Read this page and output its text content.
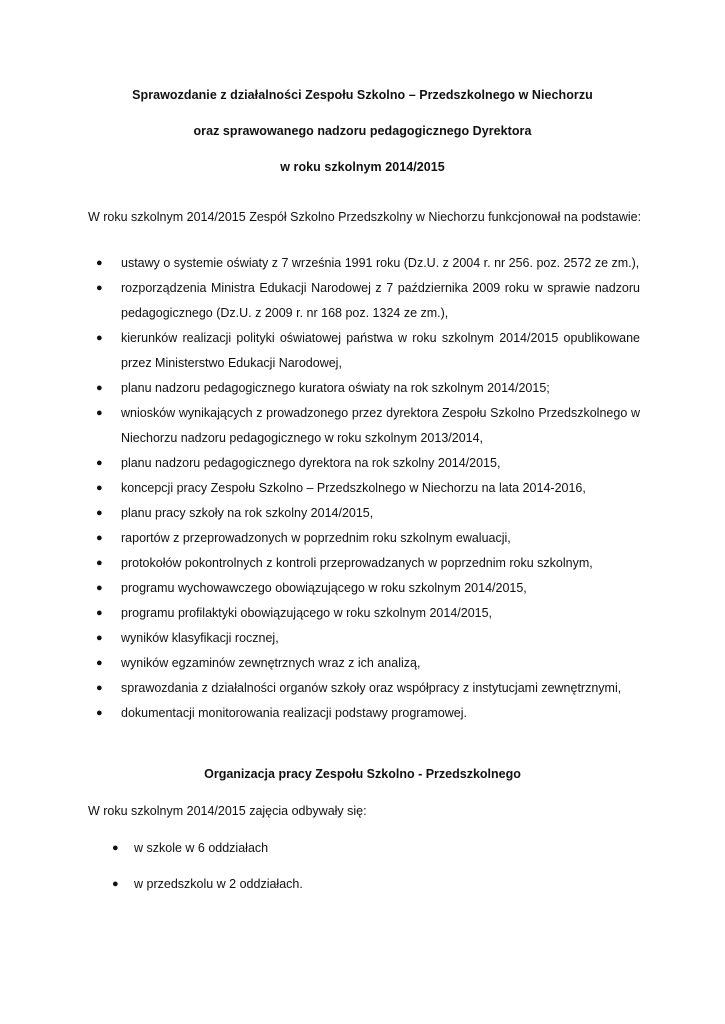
Sprawozdanie z działalności Zespołu Szkolno – Przedszkolnego w Niechorzu
oraz sprawowanego nadzoru pedagogicznego Dyrektora
w roku szkolnym 2014/2015
W roku szkolnym 2014/2015 Zespół Szkolno Przedszkolny w Niechorzu funkcjonował na podstawie:
● ustawy o systemie oświaty z 7 września 1991 roku (Dz.U. z 2004 r. nr 256. poz. 2572 ze zm.),
● rozporządzenia Ministra Edukacji Narodowej z 7 października 2009 roku w sprawie nadzoru pedagogicznego (Dz.U. z 2009 r. nr 168 poz. 1324 ze zm.),
● kierunków realizacji polityki oświatowej państwa w roku szkolnym 2014/2015 opublikowane przez Ministerstwo Edukacji Narodowej,
● planu nadzoru pedagogicznego kuratora oświaty na rok szkolnym 2014/2015;
● wniosków wynikających z prowadzonego przez dyrektora Zespołu Szkolno Przedszkolnego w Niechorzu nadzoru pedagogicznego w roku szkolnym 2013/2014,
● planu nadzoru pedagogicznego dyrektora na rok szkolny 2014/2015,
● koncepcji pracy Zespołu Szkolno – Przedszkolnego w Niechorzu na lata 2014-2016,
● planu pracy szkoły na rok szkolny 2014/2015,
● raportów z przeprowadzonych w poprzednim roku szkolnym ewaluacji,
● protokołów pokontrolnych z kontroli przeprowadzanych w poprzednim roku szkolnym,
● programu wychowawczego obowiązującego w roku szkolnym 2014/2015,
● programu profilaktyki obowiązującego w roku szkolnym 2014/2015,
● wyników klasyfikacji rocznej,
● wyników egzaminów zewnętrznych wraz z ich analizą,
● sprawozdania z działalności organów szkoły oraz współpracy z instytucjami zewnętrznymi,
● dokumentacji monitorowania realizacji podstawy programowej.
Organizacja pracy Zespołu Szkolno - Przedszkolnego
W roku szkolnym 2014/2015 zajęcia odbywały się:
● w szkole w 6 oddziałach
● w przedszkolu w 2 oddziałach.
